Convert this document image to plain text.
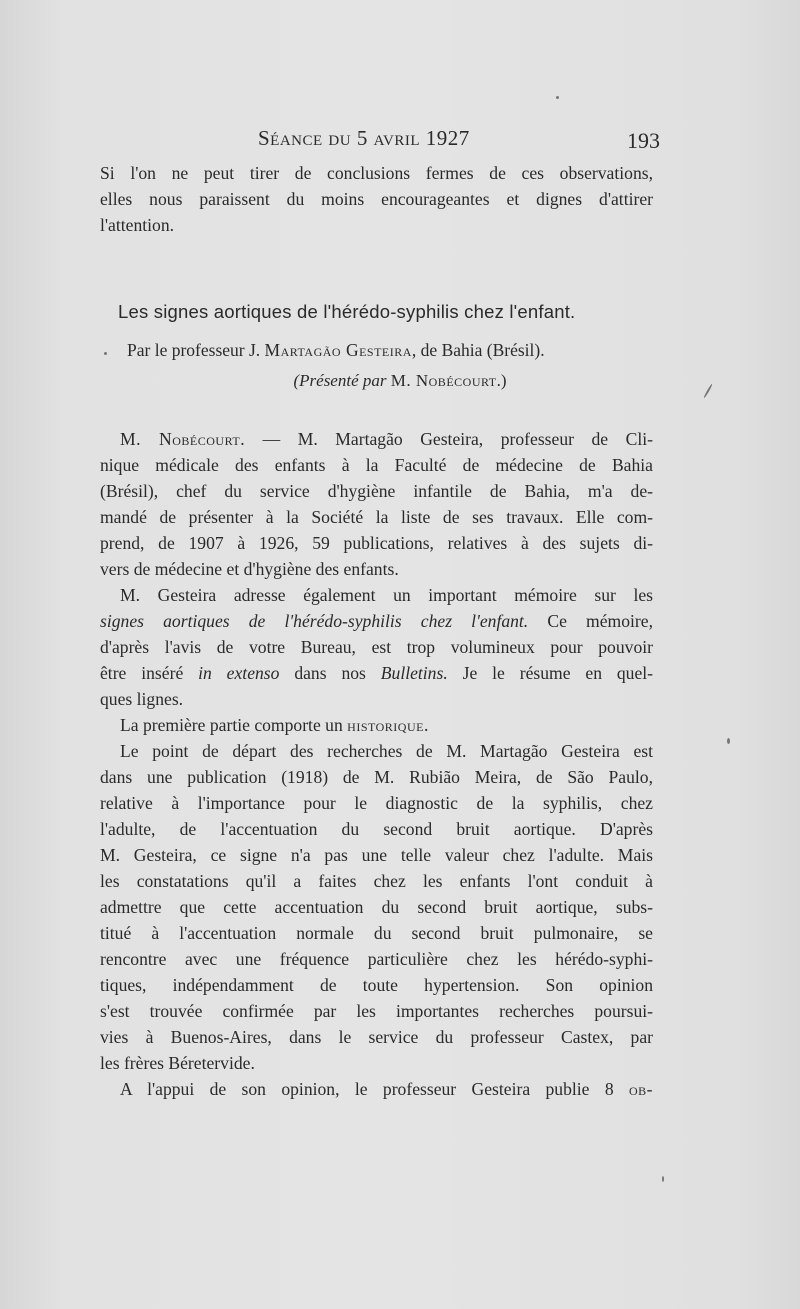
Séance du 5 avril 1927	193
Si l'on ne peut tirer de conclusions fermes de ces observations,
elles nous paraissent du moins encourageantes et dignes d'attirer
l'attention.
Les signes aortiques de l'hérédo-syphilis chez l'enfant.
Par le professeur J. Martagão Gesteira, de Bahia (Brésil).
(Présenté par M. Nobécourt.)
M. Nobécourt. — M. Martagão Gesteira, professeur de Cli-
nique médicale des enfants à la Faculté de médecine de Bahia
(Brésil), chef du service d'hygiène infantile de Bahia, m'a de-
mandé de présenter à la Société la liste de ses travaux. Elle com-
prend, de 1907 à 1926, 59 publications, relatives à des sujets di-
vers de médecine et d'hygiène des enfants.
M. Gesteira adresse également un important mémoire sur les
signes aortiques de l'hérédo-syphilis chez l'enfant. Ce mémoire,
d'après l'avis de votre Bureau, est trop volumineux pour pouvoir
être inséré in extenso dans nos Bulletins. Je le résume en quel-
ques lignes.
La première partie comporte un historique.
Le point de départ des recherches de M. Martagão Gesteira est
dans une publication (1918) de M. Rubião Meira, de São Paulo,
relative à l'importance pour le diagnostic de la syphilis, chez
l'adulte, de l'accentuation du second bruit aortique. D'après
M. Gesteira, ce signe n'a pas une telle valeur chez l'adulte. Mais
les constatations qu'il a faites chez les enfants l'ont conduit à
admettre que cette accentuation du second bruit aortique, subs-
titué à l'accentuation normale du second bruit pulmonaire, se
rencontre avec une fréquence particulière chez les hérédo-syphi-
tiques, indépendamment de toute hypertension. Son opinion
s'est trouvée confirmée par les importantes recherches poursui-
vies à Buenos-Aires, dans le service du professeur Castex, par
les frères Béretervide.
A l'appui de son opinion, le professeur Gesteira publie 8 ob-
